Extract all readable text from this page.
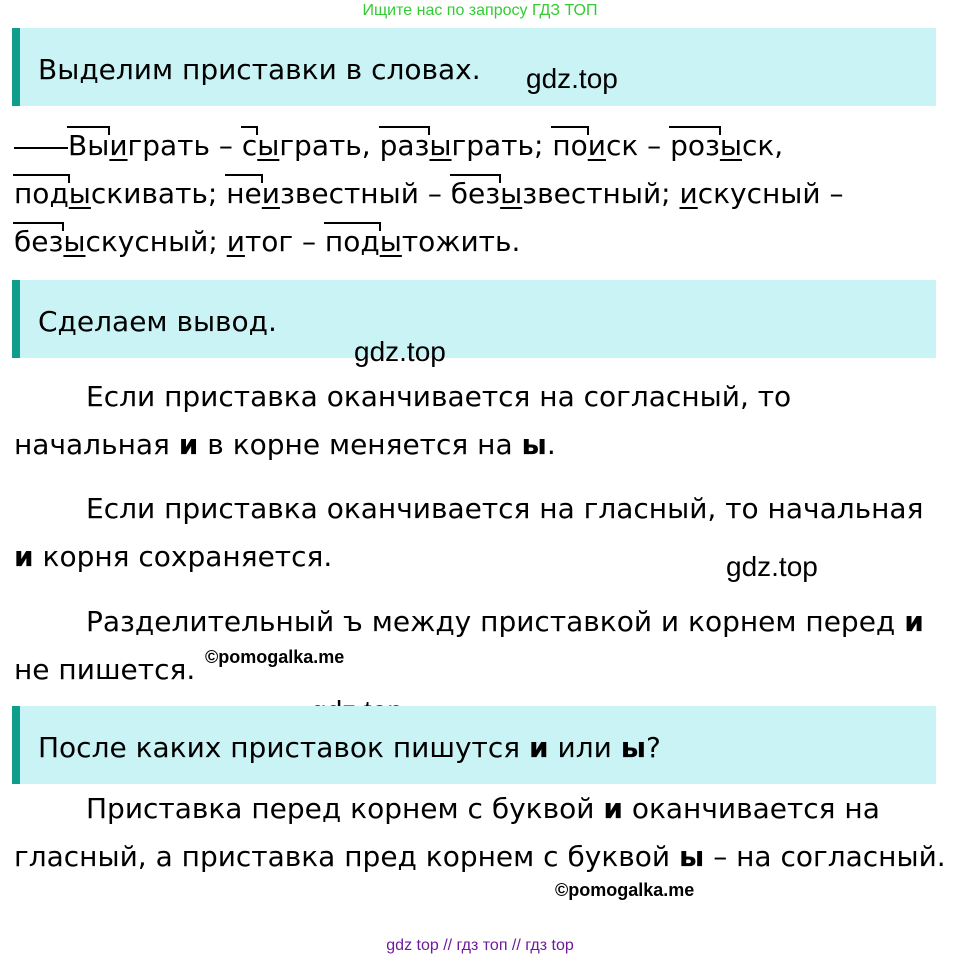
Ищите нас по запросу ГДЗ ТОП
Выделим приставки в словах. gdz.top
Выиграть – сыграть, разыграть; поиск – розыск,
подыскивать; неизвестный – безызвестный; искусный –
безыскусный; итог – подытожить.
Сделаем вывод.
gdz.top
Если приставка оканчивается на согласный, то начальная и в корне меняется на ы.
Если приставка оканчивается на гласный, то начальная и корня сохраняется.	gdz.top
Разделительный ъ между приставкой и корнем перед и не пишется. ©pomogalka.me
После каких приставок пишутся и или ы?
Приставка перед корнем с буквой и оканчивается на гласный, а приставка пред корнем с буквой ы – на согласный.
©pomogalka.me
gdz top // гдз топ // гдз top
